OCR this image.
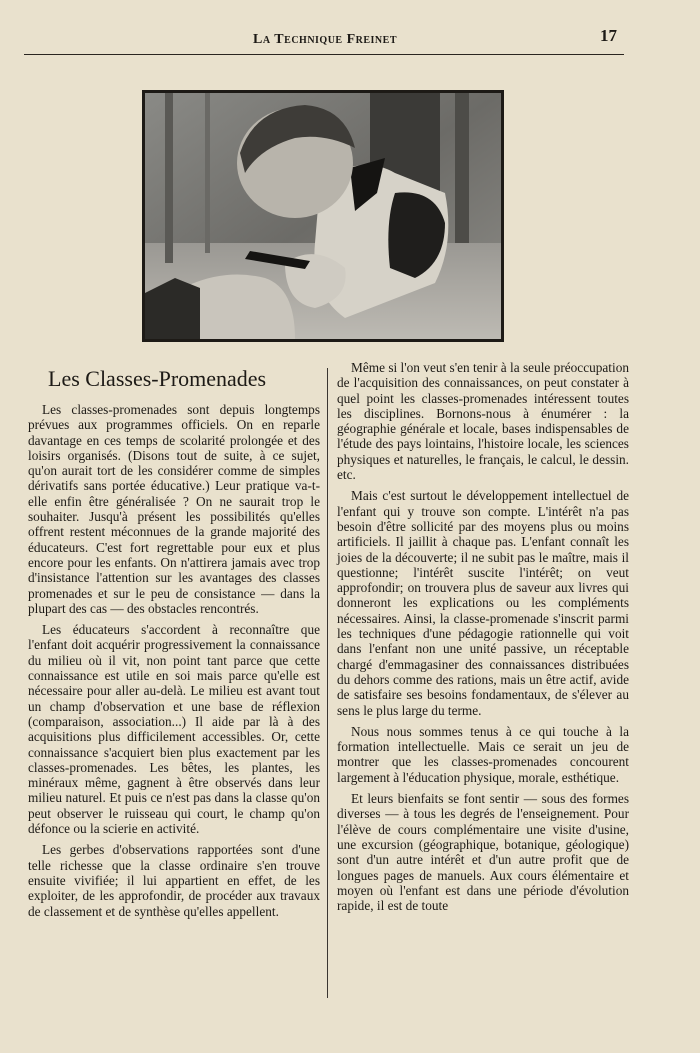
La Technique Freinet	17
Les Classes-Promenades

Les classes-promenades sont depuis longtemps prévues aux programmes officiels. On en reparle davantage en ces temps de scolarité prolongée et des loisirs organisés. (Disons tout de suite, à ce sujet, qu'on aurait tort de les considérer comme de simples dérivatifs sans portée éducative.) Leur pratique va-t-elle enfin être généralisée ? On ne saurait trop le souhaiter. Jusqu'à présent les possibilités qu'elles offrent restent méconnues de la grande majorité des éducateurs. C'est fort regrettable pour eux et plus encore pour les enfants. On n'attirera jamais avec trop d'insistance l'attention sur les avantages des classes promenades et sur le peu de consistance — dans la plupart des cas — des obstacles rencontrés.

Les éducateurs s'accordent à reconnaître que l'enfant doit acquérir progressivement la connaissance du milieu où il vit, non point tant parce que cette connaissance est utile en soi mais parce qu'elle est nécessaire pour aller au-delà. Le milieu est avant tout un champ d'observation et une base de réflexion (comparaison, association...) Il aide par là à des acquisitions plus difficilement accessibles. Or, cette connaissance s'acquiert bien plus exactement par les classes-promenades. Les bêtes, les plantes, les minéraux même, gagnent à être observés dans leur milieu naturel. Et puis ce n'est pas dans la classe qu'on peut observer le ruisseau qui court, le champ qu'on défonce ou la scierie en activité.

Les gerbes d'observations rapportées sont d'une telle richesse que la classe ordinaire s'en trouve ensuite vivifiée; il lui appartient en effet, de les exploiter, de les approfondir, de procéder aux travaux de classement et de synthèse qu'elles appellent.

Même si l'on veut s'en tenir à la seule préoccupation de l'acquisition des connaissances, on peut constater à quel point les classes-promenades intéressent toutes les disciplines. Bornons-nous à énumérer : la géographie générale et locale, bases indispensables de l'étude des pays lointains, l'histoire locale, les sciences physiques et naturelles, le français, le calcul, le dessin. etc.

Mais c'est surtout le développement intellectuel de l'enfant qui y trouve son compte. L'intérêt n'a pas besoin d'être sollicité par des moyens plus ou moins artificiels. Il jaillit à chaque pas. L'enfant connaît les joies de la découverte; il ne subit pas le maître, mais il questionne; l'intérêt suscite l'intérêt; on veut approfondir; on trouvera plus de saveur aux livres qui donneront les explications ou les compléments nécessaires. Ainsi, la classe-promenade s'inscrit parmi les techniques d'une pédagogie rationnelle qui voit dans l'enfant non une unité passive, un réceptable chargé d'emmagasiner des connaissances distribuées du dehors comme des rations, mais un être actif, avide de satisfaire ses besoins fondamentaux, de s'élever au sens le plus large du terme.

Nous nous sommes tenus à ce qui touche à la formation intellectuelle. Mais ce serait un jeu de montrer que les classes-promenades concourent largement à l'éducation physique, morale, esthétique.

Et leurs bienfaits se font sentir — sous des formes diverses — à tous les degrés de l'enseignement. Pour l'élève de cours complémentaire une visite d'usine, une excursion (géographique, botanique, géologique) sont d'un autre intérêt et d'un autre profit que de longues pages de manuels. Aux cours élémentaire et moyen où l'enfant est dans une période d'évolution rapide, il est de toute
